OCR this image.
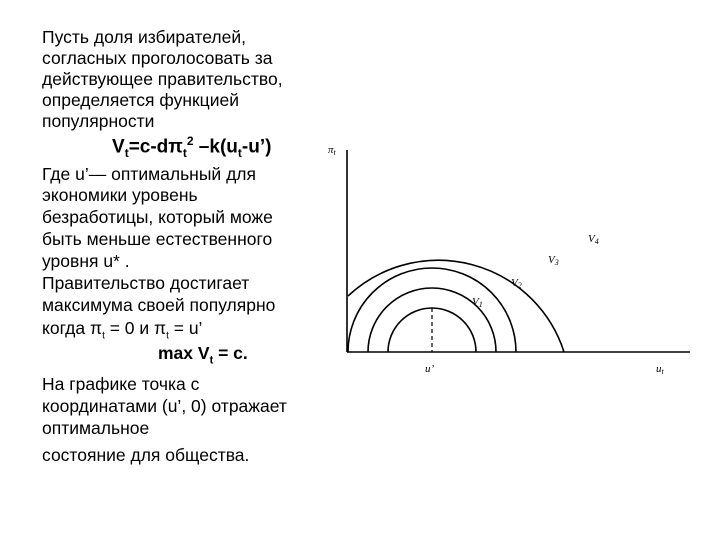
Пусть доля избирателей,
согласных проголосовать за
действующее правительство,
определяется функцией
популярности
$V_t=c-d\pi_t^2$ $-k(u_t-u’)$
Где u’— оптимальный для
экономики уровень
безработицы, который може
быть меньше естественного
уровня u* .
Правительство достигает
максимума своей популярно
когда $\pi_t = 0$ и $\pi_t = u$’
$\max V_t = c$.
На графике точка с
координатами (u’, 0) отражает
оптимальное
состояние для общества.
πt
ut
u’
V1
V2
V3
V4
